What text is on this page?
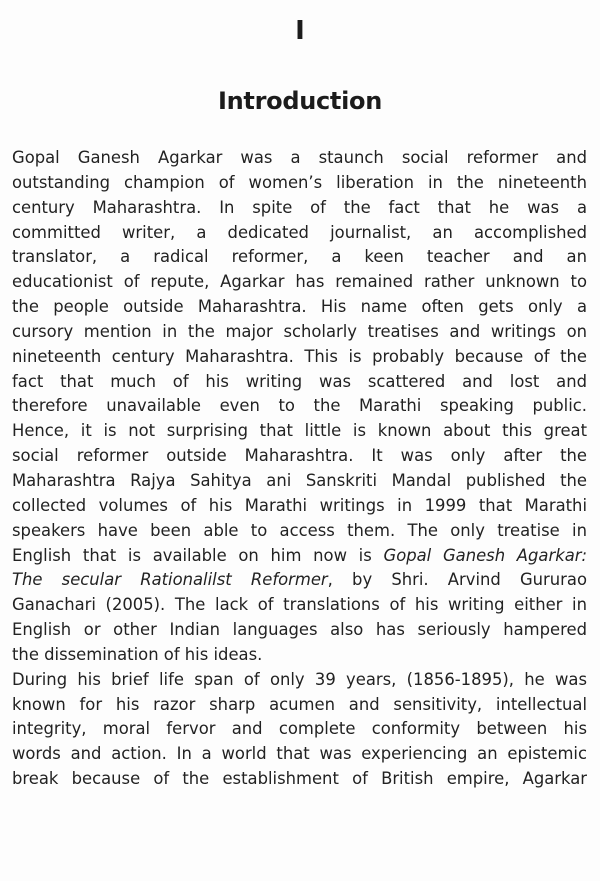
I
Introduction
Gopal Ganesh Agarkar was a staunch social reformer and
outstanding champion of women’s liberation in the nineteenth
century Maharashtra. In spite of the fact that he was a
committed writer, a dedicated journalist, an accomplished
translator, a radical reformer, a keen teacher and an
educationist of repute, Agarkar has remained rather unknown to
the people outside Maharashtra. His name often gets only a
cursory mention in the major scholarly treatises and writings on
nineteenth century Maharashtra. This is probably because of the
fact that much of his writing was scattered and lost and
therefore unavailable even to the Marathi speaking public.
Hence, it is not surprising that little is known about this great
social reformer outside Maharashtra. It was only after the
Maharashtra Rajya Sahitya ani Sanskriti Mandal published the
collected volumes of his Marathi writings in 1999 that Marathi
speakers have been able to access them. The only treatise in
English that is available on him now is Gopal Ganesh Agarkar:
The secular Rationalilst Reformer, by Shri. Arvind Gururao
Ganachari (2005). The lack of translations of his writing either in
English or other Indian languages also has seriously hampered
the dissemination of his ideas.
During his brief life span of only 39 years, (1856-1895), he was
known for his razor sharp acumen and sensitivity, intellectual
integrity, moral fervor and complete conformity between his
words and action. In a world that was experiencing an epistemic
break because of the establishment of British empire, Agarkar
